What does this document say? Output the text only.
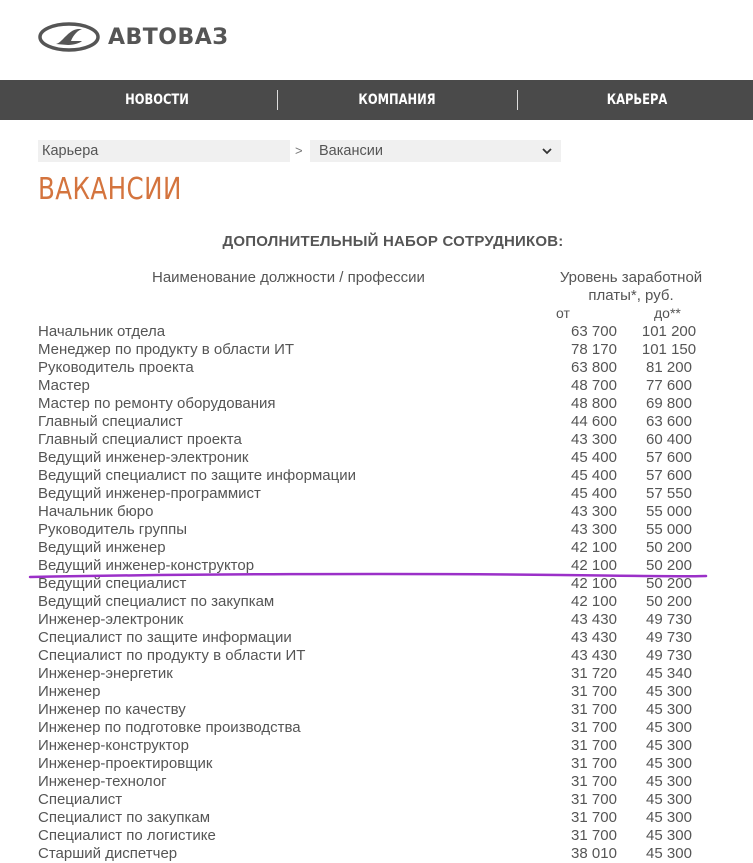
АВТОВАЗ
НОВОСТИ	КОМПАНИЯ	КАРЬЕРА
Карьера	>	Вакансии
ВАКАНСИИ
ДОПОЛНИТЕЛЬНЫЙ НАБОР СОТРУДНИКОВ:
Наименование должности / профессии	Уровень заработной платы*, руб.
от	до**
Начальник отдела	63 700	101 200
Менеджер по продукту в области ИТ	78 170	101 150
Руководитель проекта	63 800	81 200
Мастер	48 700	77 600
Мастер по ремонту оборудования	48 800	69 800
Главный специалист	44 600	63 600
Главный специалист проекта	43 300	60 400
Ведущий инженер-электроник	45 400	57 600
Ведущий специалист по защите информации	45 400	57 600
Ведущий инженер-программист	45 400	57 550
Начальник бюро	43 300	55 000
Руководитель группы	43 300	55 000
Ведущий инженер	42 100	50 200
Ведущий инженер-конструктор	42 100	50 200
Ведущий специалист	42 100	50 200
Ведущий специалист по закупкам	42 100	50 200
Инженер-электроник	43 430	49 730
Специалист по защите информации	43 430	49 730
Специалист по продукту в области ИТ	43 430	49 730
Инженер-энергетик	31 720	45 340
Инженер	31 700	45 300
Инженер по качеству	31 700	45 300
Инженер по подготовке производства	31 700	45 300
Инженер-конструктор	31 700	45 300
Инженер-проектировщик	31 700	45 300
Инженер-технолог	31 700	45 300
Специалист	31 700	45 300
Специалист по закупкам	31 700	45 300
Специалист по логистике	31 700	45 300
Старший диспетчер	38 010	45 300
